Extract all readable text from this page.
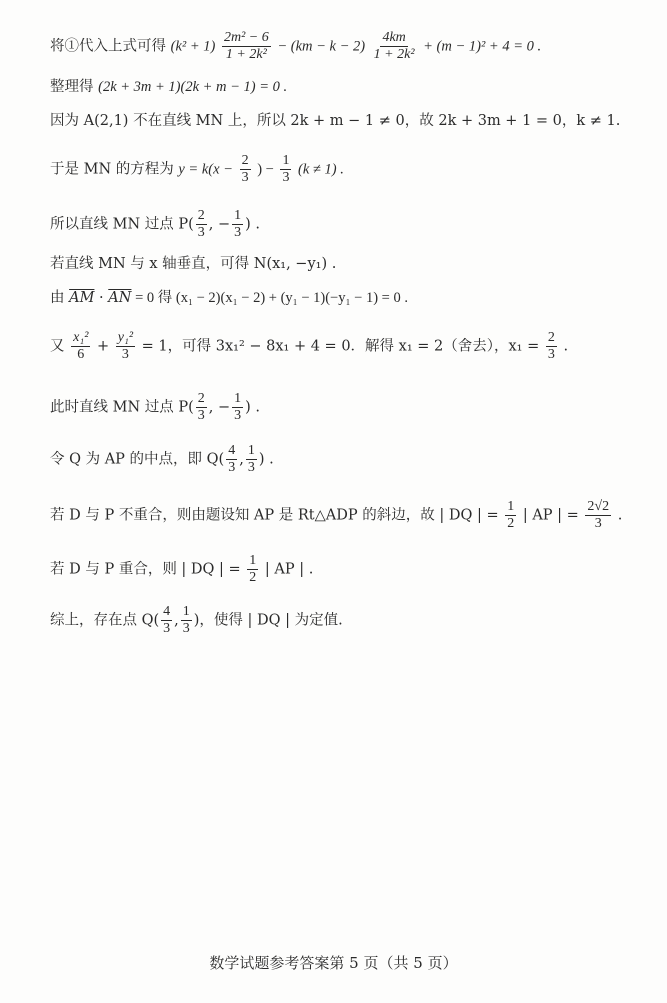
将①代入上式可得 $(k^2 + 1) \frac{\text{2m² − 6}}{\text{1 + 2k²}} - (km - k - 2) \frac{4km}{\text{1 + 2k²}} + (m - 1)^2 + 4 = 0$ .
整理得 (2k + 3m + 1)(2k + m − 1) = 0 .
因为 A(2,1) 不在直线 MN 上，所以 2k + m − 1 ≠ 0，故 2k + 3m + 1 = 0，k ≠ 1.
于是 MN 的方程为 $y = k(x - \frac{2}{3}$ ) − $\frac{1}{3} (k \ne 1)$ .
所以直线 MN 过点 $P( \frac{2}{3}$ , − $\frac{1}{3}$ ) .
若直线 MN 与 x 轴垂直，可得 N(x₁, −y₁) .
由 $\overline{AM} \cdot \overline{AN} = 0$ 得 (x₁ − 2)(x₁ − 2) + (y₁ − 1)(−y₁ − 1) = 0 .
又 $\frac{\text{x₁²}}{6} + \frac{\text{y₁²}}{3} = 1$，可得 3x₁² − 8x₁ + 4 = 0．解得 x₁ = 2（舍去），$x_1 = \frac{2}{3}$ .
此时直线 MN 过点 $P( \frac{2}{3}$ , − $\frac{1}{3}$ ) .
令 Q 为 AP 的中点，即 $Q( \frac{4}{3}$ , $\frac{1}{3}$ ) .
若 D 与 P 不重合，则由题设知 AP 是 Rt△ADP 的斜边，故 | DQ | = $\frac{1}{2}$ | AP | = $\frac{2√2}{3}$ .
若 D 与 P 重合，则 | DQ | = $\frac{1}{2}$ | AP | .
综上，存在点 $Q( \frac{4}{3}$ , $\frac{1}{3}$ )，使得 | DQ | 为定值.
数学试题参考答案第 5 页（共 5 页）
